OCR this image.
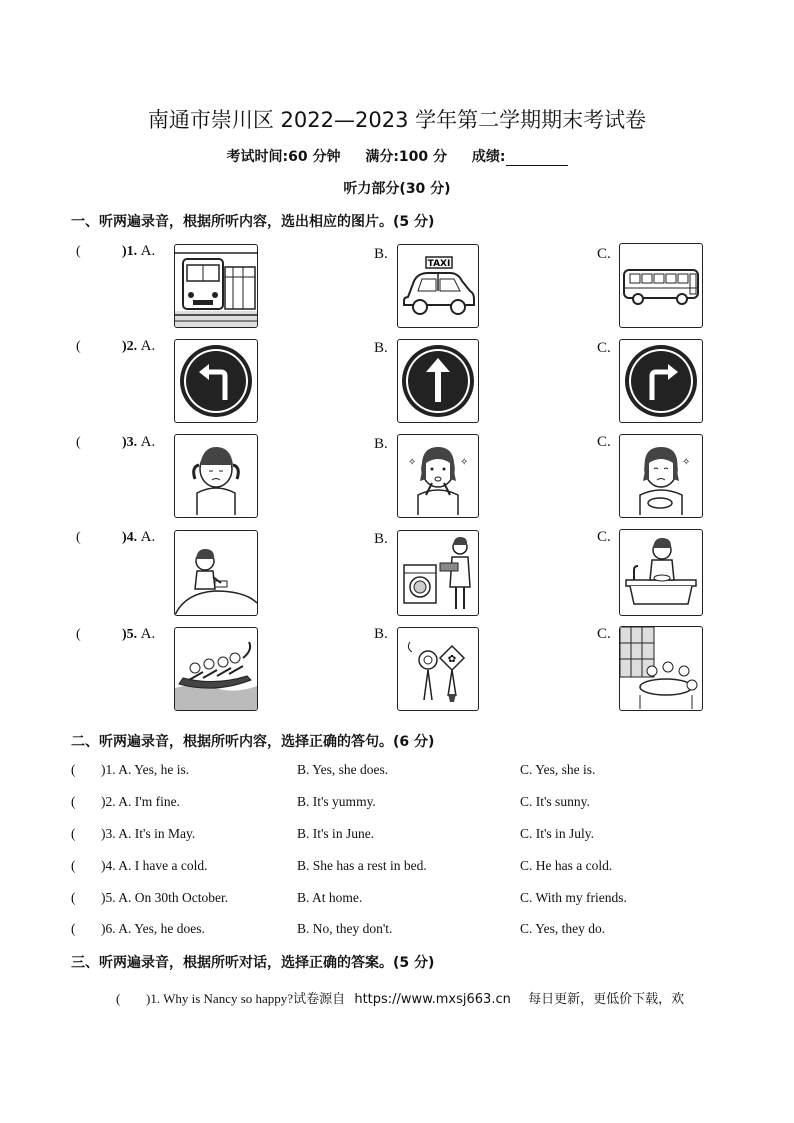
南通市崇川区 2022—2023 学年第二学期期末考试卷
考试时间:60 分钟 满分:100 分 成绩:
听力部分(30 分)
一、听两遍录音，根据所听内容，选出相应的图片。(5 分)
(	)1. A.	B.	C.
TAXI
(	)2. A.	B.	C.
(	)3. A.	B.	C.
✧	✧	✧
(	)4. A.	B.	C.
(	)5. A.	B.	C.
✿
二、听两遍录音，根据所听内容，选择正确的答句。(6 分)
( )1. A. Yes, he is.	B. Yes, she does.	C. Yes, she is.
( )2. A. I'm fine.	B. It's yummy.	C. It's sunny.
( )3. A. It's in May.	B. It's in June.	C. It's in July.
( )4. A. I have a cold.	B. She has a rest in bed.	C. He has a cold.
( )5. A. On 30th October.	B. At home.	C. With my friends.
( )6. A. Yes, he does.	B. No, they don't.	C. Yes, they do.
三、听两遍录音，根据所听对话，选择正确的答案。(5 分)
( )1. Why is Nancy so happy?试卷源自 https://www.mxsj663.cn 每日更新，更低价下载，欢
